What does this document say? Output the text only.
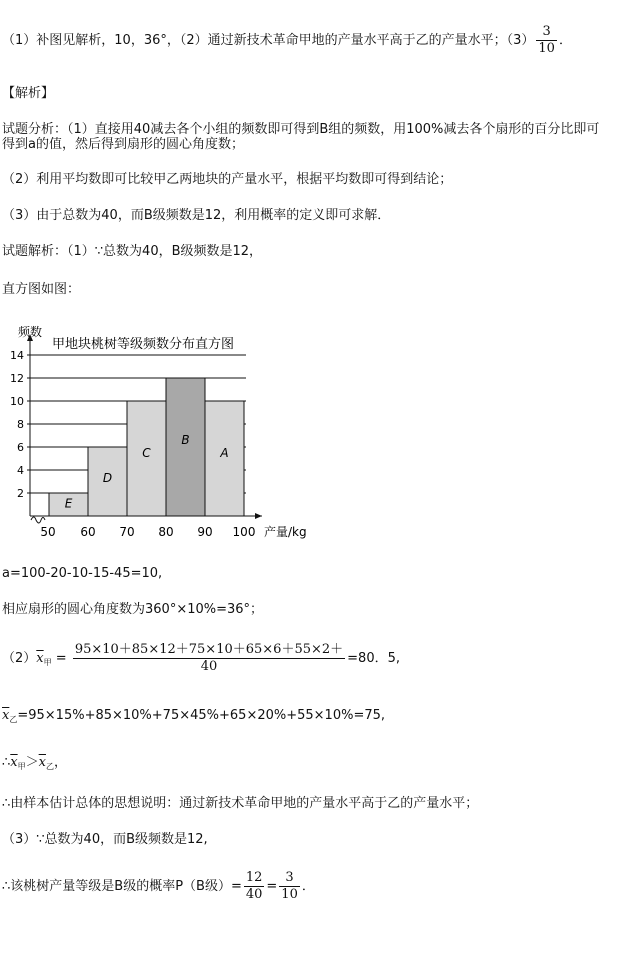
（1）补图见解析，10，36°，（2）通过新技术革命甲地的产量水平高于乙的产量水平；$(3) \frac{3}{10}$ ．
【解析】
试题分析：（1）直接用40减去各个小组的频数即可得到B组的频数，用100%减去各个扇形的百分比即可
得到a的值，然后得到扇形的圆心角度数；
（2）利用平均数即可比较甲乙两地块的产量水平，根据平均数即可得到结论；
（3）由于总数为40，而B级频数是12，利用概率的定义即可求解．
试题解析：（1）∵总数为40，B级频数是12，
直方图如图：
2
4
6
8
10
12
14
E
D
C
B
A
50 60 70 80 90 100
频数
产量/kg
甲地块桃树等级频数分布直方图
a=100-20-10-15-45=10,
相应扇形的圆心角度数为360°×10%=36°；
$(2)\overline{x}_甲 = \frac{95\times 10+85\times 12+75\times 10+65\times 6+55\times 2+}{40} =80$．5,
$\overline{x}_乙=95\times 15\%+85\times 10\%+75\times 45\%+65\times 20\%+55\times 10\%=75$,
$\therefore\overline{x}_甲>\overline{x}_乙$，
∴由样本估计总体的思想说明：通过新技术革命甲地的产量水平高于乙的产量水平；
（3）∵总数为40，而B级频数是12,
∴该桃树产量等级是B级的概率P（B级）= $\frac{12}{40} = \frac{3}{10}$ ．
